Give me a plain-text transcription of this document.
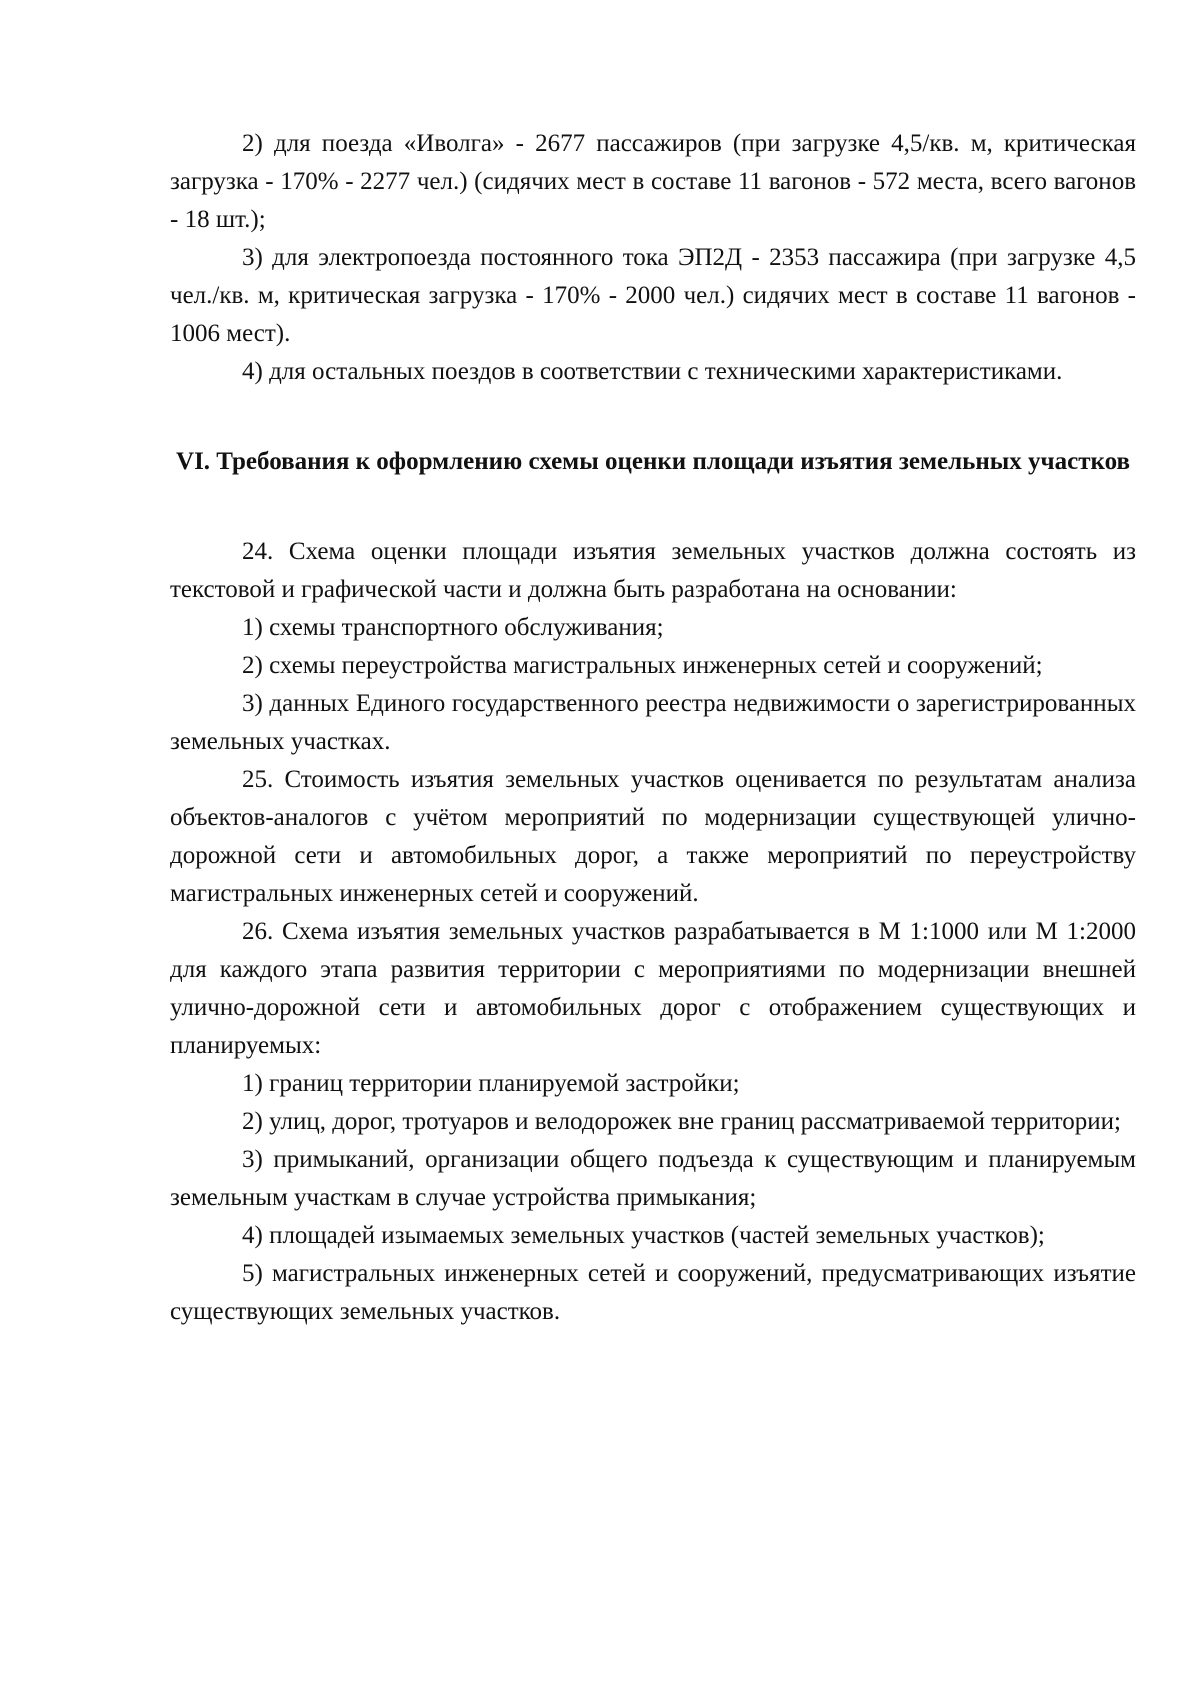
2) для поезда «Иволга» - 2677 пассажиров (при загрузке 4,5/кв. м, критическая загрузка - 170% - 2277 чел.) (сидячих мест в составе 11 вагонов - 572 места, всего вагонов - 18 шт.);

3) для электропоезда постоянного тока ЭП2Д - 2353 пассажира (при загрузке 4,5 чел./кв. м, критическая загрузка - 170% - 2000 чел.) сидячих мест в составе 11 вагонов - 1006 мест).

4) для остальных поездов в соответствии с техническими характеристиками.

VI. Требования к оформлению схемы оценки площади изъятия земельных участков

24. Схема оценки площади изъятия земельных участков должна состоять из текстовой и графической части и должна быть разработана на основании:

1) схемы транспортного обслуживания;

2) схемы переустройства магистральных инженерных сетей и сооружений;

3) данных Единого государственного реестра недвижимости о зарегистрированных земельных участках.

25. Стоимость изъятия земельных участков оценивается по результатам анализа объектов-аналогов с учётом мероприятий по модернизации существующей улично-дорожной сети и автомобильных дорог, а также мероприятий по переустройству магистральных инженерных сетей и сооружений.

26. Схема изъятия земельных участков разрабатывается в М 1:1000 или М 1:2000 для каждого этапа развития территории с мероприятиями по модернизации внешней улично-дорожной сети и автомобильных дорог с отображением существующих и планируемых:

1) границ территории планируемой застройки;

2) улиц, дорог, тротуаров и велодорожек вне границ рассматриваемой территории;

3) примыканий, организации общего подъезда к существующим и планируемым земельным участкам в случае устройства примыкания;

4) площадей изымаемых земельных участков (частей земельных участков);

5) магистральных инженерных сетей и сооружений, предусматривающих изъятие существующих земельных участков.
